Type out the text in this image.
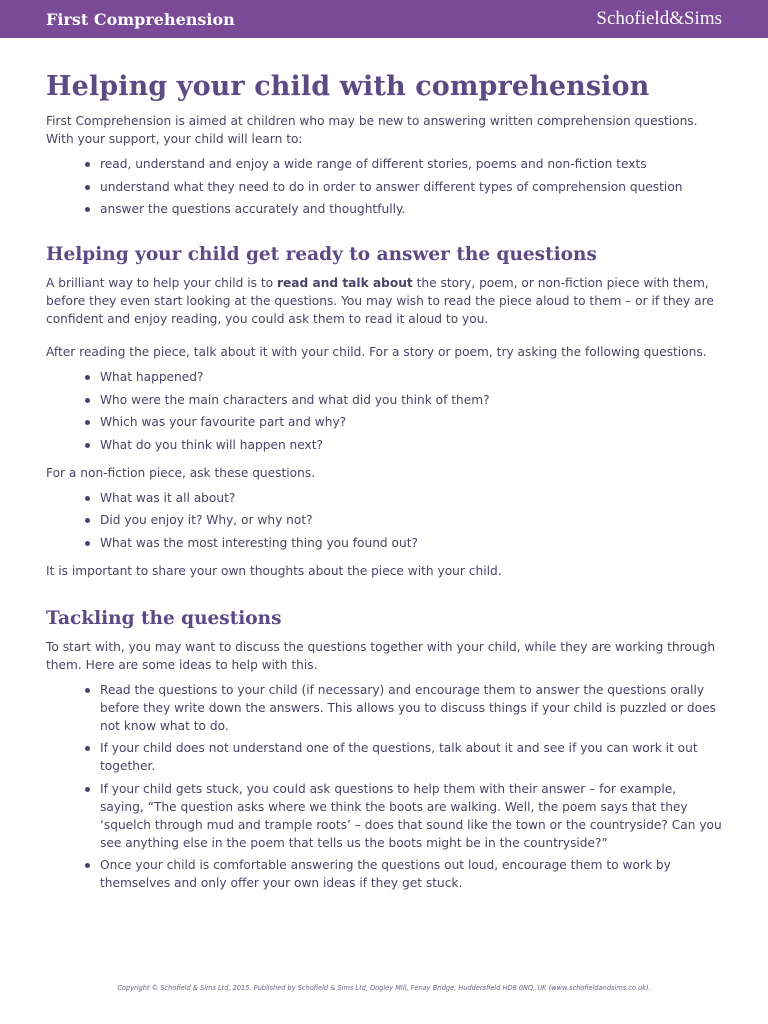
First Comprehension	Schofield&Sims
Helping your child with comprehension

First Comprehension is aimed at children who may be new to answering written comprehension questions. With your support, your child will learn to:

read, understand and enjoy a wide range of different stories, poems and non-fiction texts
understand what they need to do in order to answer different types of comprehension question
answer the questions accurately and thoughtfully.
Helping your child get ready to answer the questions

A brilliant way to help your child is to read and talk about the story, poem, or non-fiction piece with them, before they even start looking at the questions. You may wish to read the piece aloud to them – or if they are confident and enjoy reading, you could ask them to read it aloud to you.

After reading the piece, talk about it with your child. For a story or poem, try asking the following questions.

What happened?
Who were the main characters and what did you think of them?
Which was your favourite part and why?
What do you think will happen next?

For a non-fiction piece, ask these questions.

What was it all about?
Did you enjoy it? Why, or why not?
What was the most interesting thing you found out?

It is important to share your own thoughts about the piece with your child.

Tackling the questions

To start with, you may want to discuss the questions together with your child, while they are working through them. Here are some ideas to help with this.

Read the questions to your child (if necessary) and encourage them to answer the questions orally before they write down the answers. This allows you to discuss things if your child is puzzled or does not know what to do.
If your child does not understand one of the questions, talk about it and see if you can work it out together.
If your child gets stuck, you could ask questions to help them with their answer – for example, saying, “The question asks where we think the boots are walking. Well, the poem says that they ‘squelch through mud and trample roots’ – does that sound like the town or the countryside? Can you see anything else in the poem that tells us the boots might be in the countryside?”
Once your child is comfortable answering the questions out loud, encourage them to work by themselves and only offer your own ideas if they get stuck.
Copyright © Schofield & Sims Ltd, 2015. Published by Schofield & Sims Ltd, Dogley Mill, Fenay Bridge, Huddersfield HD8 0NQ, UK (www.schofieldandsims.co.uk).
